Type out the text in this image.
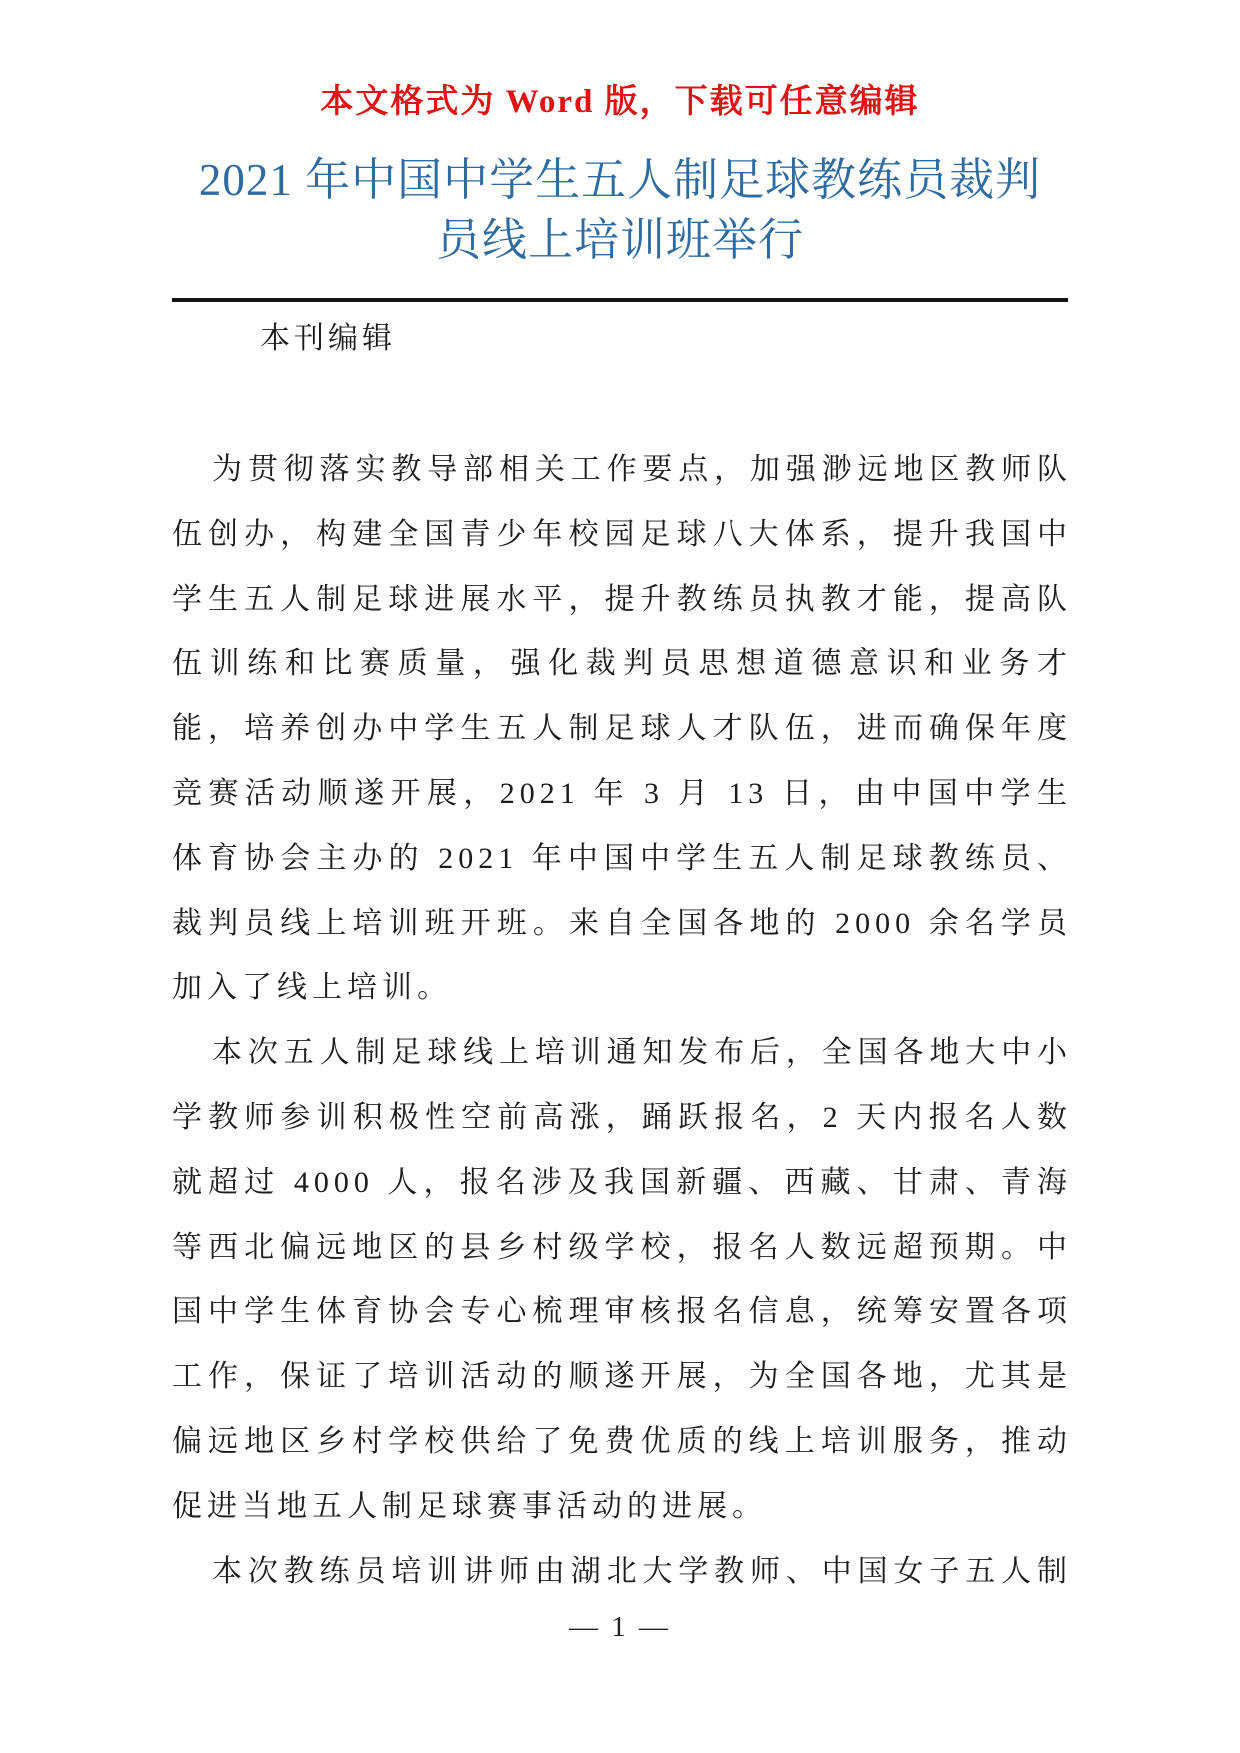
本文格式为 Word 版，下载可任意编辑
2021 年中国中学生五人制足球教练员裁判
员线上培训班举行
本刊编辑

为贯彻落实教导部相关工作要点，加强渺远地区教师队伍创办，构建全国青少年校园足球八大体系，提升我国中学生五人制足球进展水平，提升教练员执教才能，提高队伍训练和比赛质量，强化裁判员思想道德意识和业务才能，培养创办中学生五人制足球人才队伍，进而确保年度竞赛活动顺遂开展，2021 年 3 月 13 日，由中国中学生体育协会主办的 2021 年中国中学生五人制足球教练员、裁判员线上培训班开班。来自全国各地的 2000 余名学员加入了线上培训。

本次五人制足球线上培训通知发布后，全国各地大中小学教师参训积极性空前高涨，踊跃报名，2 天内报名人数就超过 4000 人，报名涉及我国新疆、西藏、甘肃、青海等西北偏远地区的县乡村级学校，报名人数远超预期。中国中学生体育协会专心梳理审核报名信息，统筹安置各项工作，保证了培训活动的顺遂开展，为全国各地，尤其是偏远地区乡村学校供给了免费优质的线上培训服务，推动促进当地五人制足球赛事活动的进展。

本次教练员培训讲师由湖北大学教师、中国女子五人制

— 1 —
